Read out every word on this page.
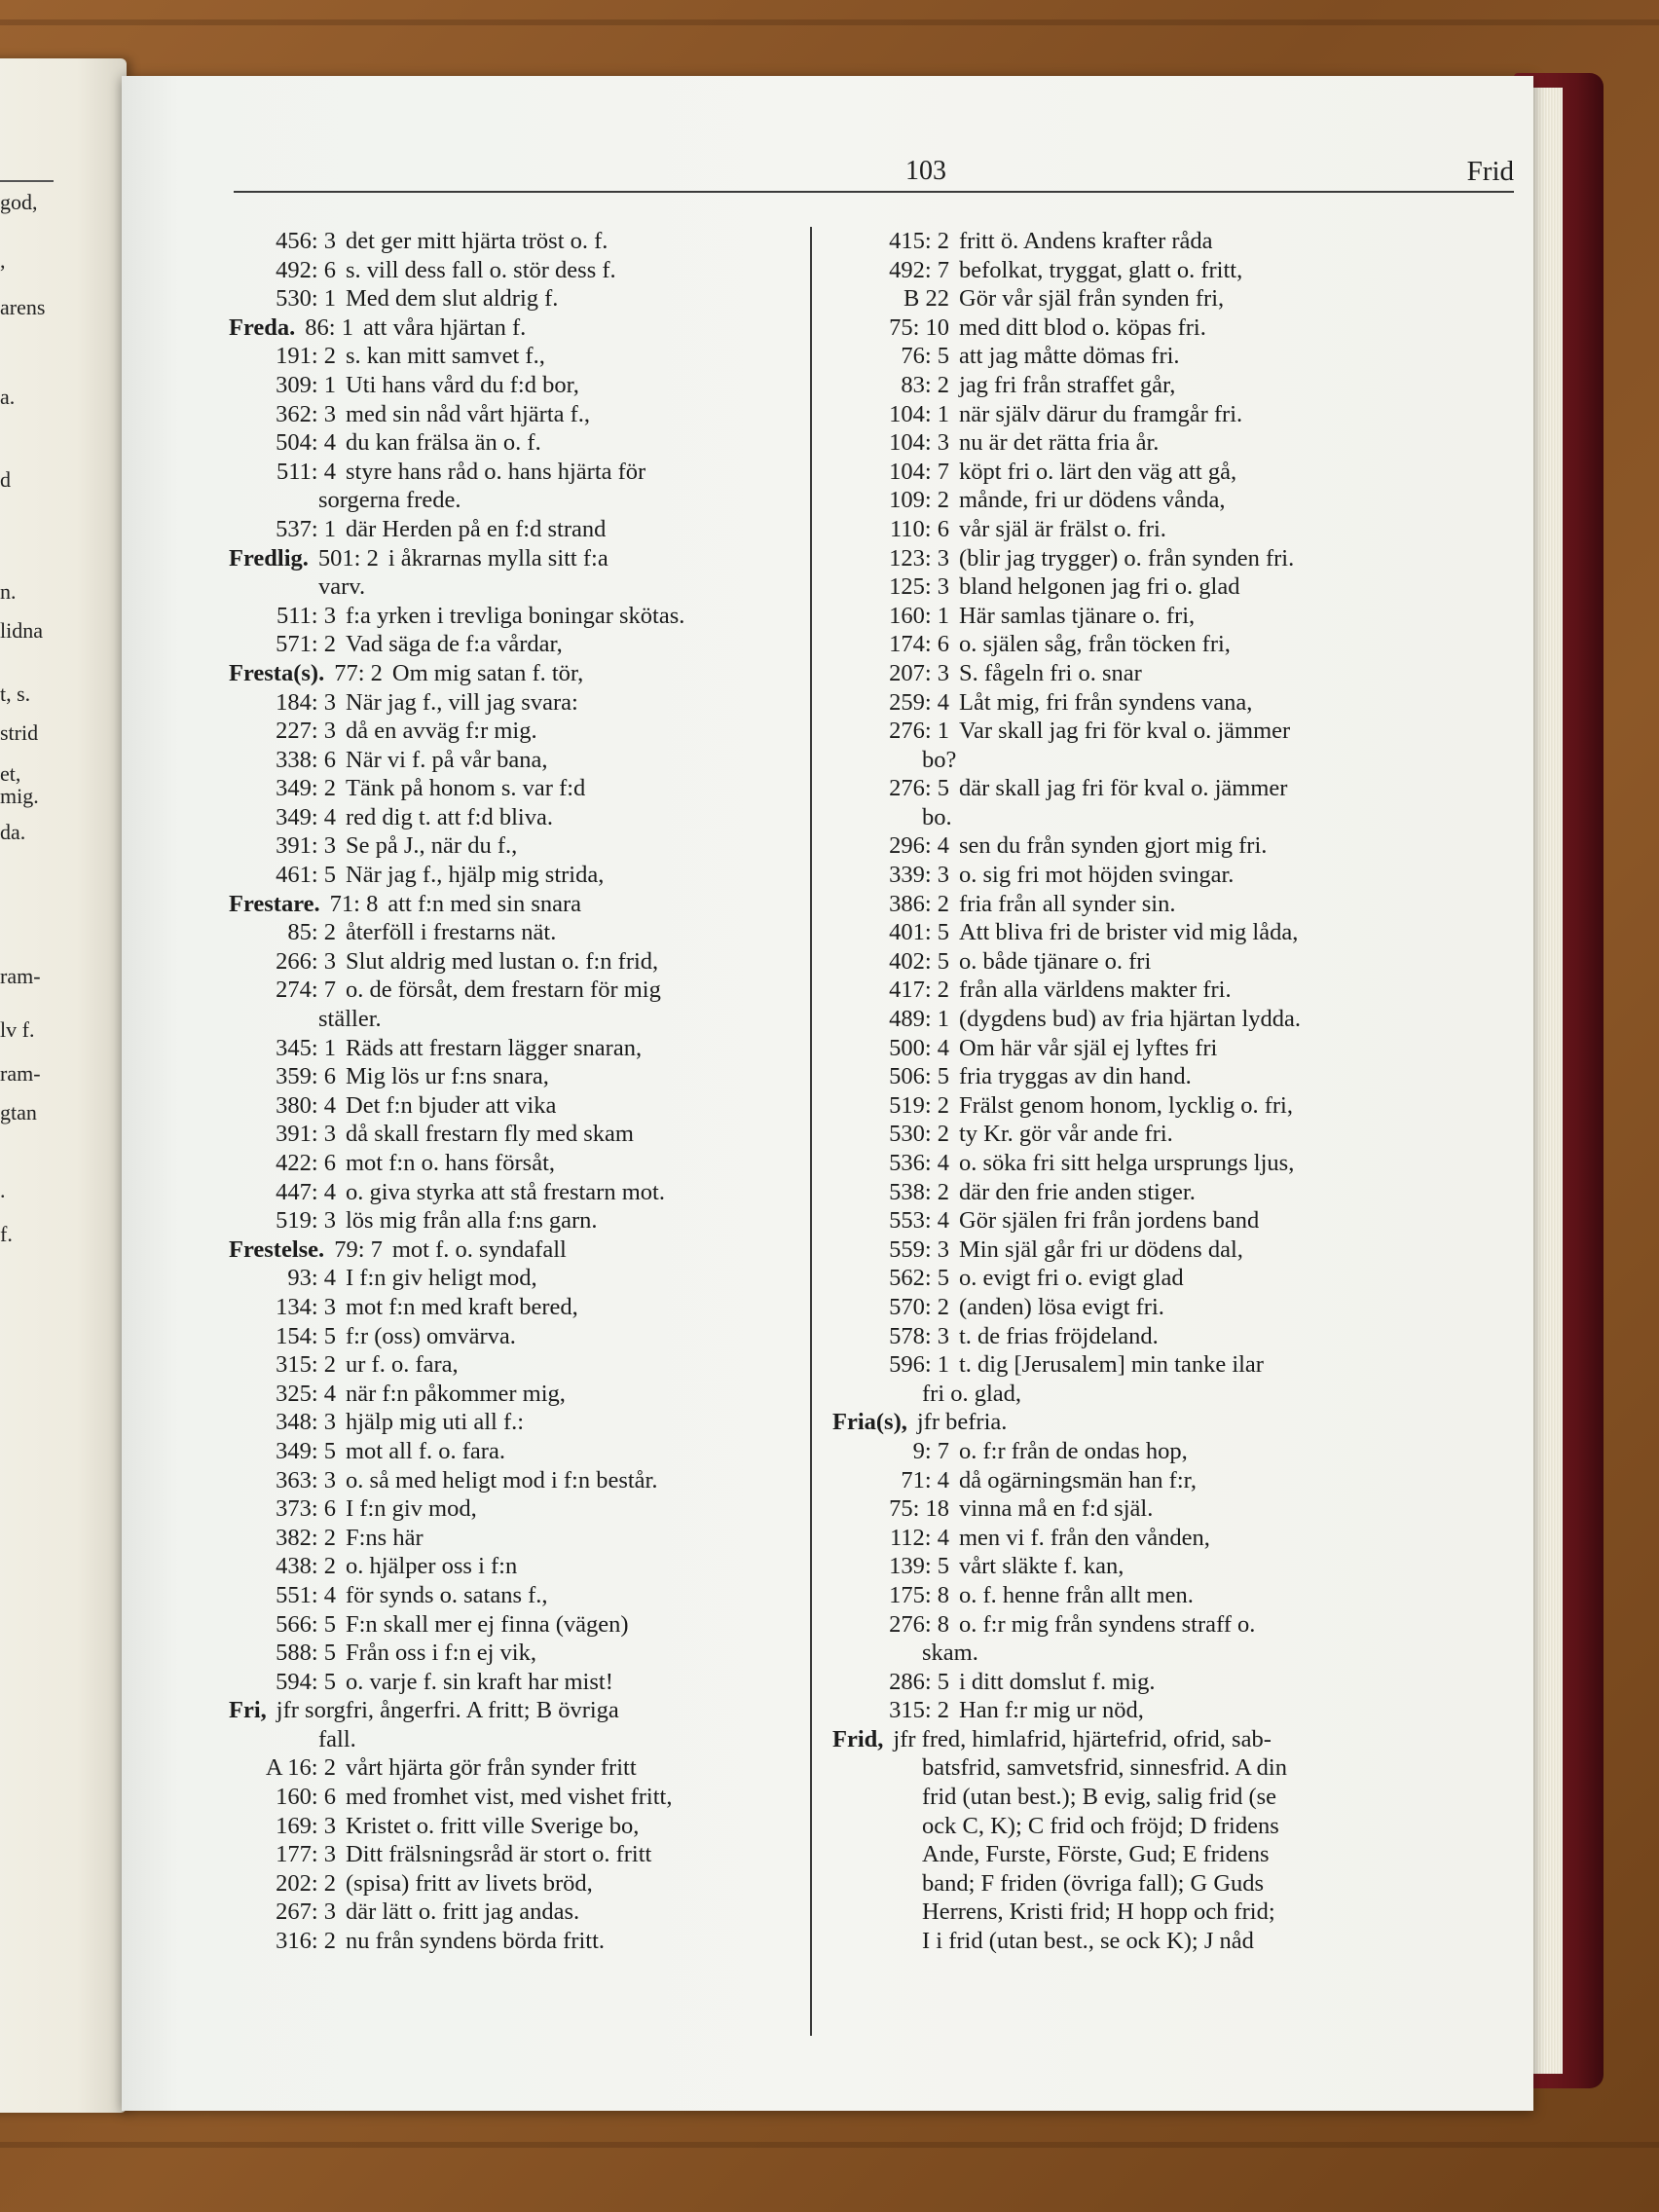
god,
,
arens
a.
d
n.
lidna
t, s.
strid
et,
mig.
da.
ram-
lv f.
ram-
gtan
.
f.
103	Frid
456: 3 det ger mitt hjärta tröst o. f.
492: 6 s. vill dess fall o. stör dess f.
530: 1 Med dem slut aldrig f.
Freda. 86: 1 att våra hjärtan f.
191: 2 s. kan mitt samvet f.,
309: 1 Uti hans vård du f:d bor,
362: 3 med sin nåd vårt hjärta f.,
504: 4 du kan frälsa än o. f.
511: 4 styre hans råd o. hans hjärta för
sorgerna frede.
537: 1 där Herden på en f:d strand
Fredlig. 501: 2 i åkrarnas mylla sitt f:a
varv.
511: 3 f:a yrken i trevliga boningar skötas.
571: 2 Vad säga de f:a vårdar,
Fresta(s). 77: 2 Om mig satan f. tör,
184: 3 När jag f., vill jag svara:
227: 3 då en avväg f:r mig.
338: 6 När vi f. på vår bana,
349: 2 Tänk på honom s. var f:d
349: 4 red dig t. att f:d bliva.
391: 3 Se på J., när du f.,
461: 5 När jag f., hjälp mig strida,
Frestare. 71: 8 att f:n med sin snara
85: 2 återföll i frestarns nät.
266: 3 Slut aldrig med lustan o. f:n frid,
274: 7 o. de försåt, dem frestarn för mig
ställer.
345: 1 Räds att frestarn lägger snaran,
359: 6 Mig lös ur f:ns snara,
380: 4 Det f:n bjuder att vika
391: 3 då skall frestarn fly med skam
422: 6 mot f:n o. hans försåt,
447: 4 o. giva styrka att stå frestarn mot.
519: 3 lös mig från alla f:ns garn.
Frestelse. 79: 7 mot f. o. syndafall
93: 4 I f:n giv heligt mod,
134: 3 mot f:n med kraft bered,
154: 5 f:r (oss) omvärva.
315: 2 ur f. o. fara,
325: 4 när f:n påkommer mig,
348: 3 hjälp mig uti all f.:
349: 5 mot all f. o. fara.
363: 3 o. så med heligt mod i f:n består.
373: 6 I f:n giv mod,
382: 2 F:ns här
438: 2 o. hjälper oss i f:n
551: 4 för synds o. satans f.,
566: 5 F:n skall mer ej finna (vägen)
588: 5 Från oss i f:n ej vik,
594: 5 o. varje f. sin kraft har mist!
Fri, jfr sorgfri, ångerfri. A fritt; B övriga
fall.
A 16: 2 vårt hjärta gör från synder fritt
160: 6 med fromhet vist, med vishet fritt,
169: 3 Kristet o. fritt ville Sverige bo,
177: 3 Ditt frälsningsråd är stort o. fritt
202: 2 (spisa) fritt av livets bröd,
267: 3 där lätt o. fritt jag andas.
316: 2 nu från syndens börda fritt.
415: 2 fritt ö. Andens krafter råda
492: 7 befolkat, tryggat, glatt o. fritt,
B 22 Gör vår själ från synden fri,
75: 10 med ditt blod o. köpas fri.
76: 5 att jag måtte dömas fri.
83: 2 jag fri från straffet går,
104: 1 när själv därur du framgår fri.
104: 3 nu är det rätta fria år.
104: 7 köpt fri o. lärt den väg att gå,
109: 2 månde, fri ur dödens vånda,
110: 6 vår själ är frälst o. fri.
123: 3 (blir jag trygger) o. från synden fri.
125: 3 bland helgonen jag fri o. glad
160: 1 Här samlas tjänare o. fri,
174: 6 o. själen såg, från töcken fri,
207: 3 S. fågeln fri o. snar
259: 4 Låt mig, fri från syndens vana,
276: 1 Var skall jag fri för kval o. jämmer
bo?
276: 5 där skall jag fri för kval o. jämmer
bo.
296: 4 sen du från synden gjort mig fri.
339: 3 o. sig fri mot höjden svingar.
386: 2 fria från all synder sin.
401: 5 Att bliva fri de brister vid mig låda,
402: 5 o. både tjänare o. fri
417: 2 från alla världens makter fri.
489: 1 (dygdens bud) av fria hjärtan lydda.
500: 4 Om här vår själ ej lyftes fri
506: 5 fria tryggas av din hand.
519: 2 Frälst genom honom, lycklig o. fri,
530: 2 ty Kr. gör vår ande fri.
536: 4 o. söka fri sitt helga ursprungs ljus,
538: 2 där den frie anden stiger.
553: 4 Gör själen fri från jordens band
559: 3 Min själ går fri ur dödens dal,
562: 5 o. evigt fri o. evigt glad
570: 2 (anden) lösa evigt fri.
578: 3 t. de frias fröjdeland.
596: 1 t. dig [Jerusalem] min tanke ilar
fri o. glad,
Fria(s), jfr befria.
9: 7 o. f:r från de ondas hop,
71: 4 då ogärningsmän han f:r,
75: 18 vinna må en f:d själ.
112: 4 men vi f. från den vånden,
139: 5 vårt släkte f. kan,
175: 8 o. f. henne från allt men.
276: 8 o. f:r mig från syndens straff o.
skam.
286: 5 i ditt domslut f. mig.
315: 2 Han f:r mig ur nöd,
Frid, jfr fred, himlafrid, hjärtefrid, ofrid, sab-
batsfrid, samvetsfrid, sinnesfrid. A din
frid (utan best.); B evig, salig frid (se
ock C, K); C frid och fröjd; D fridens
Ande, Furste, Förste, Gud; E fridens
band; F friden (övriga fall); G Guds
Herrens, Kristi frid; H hopp och frid;
I i frid (utan best., se ock K); J nåd
